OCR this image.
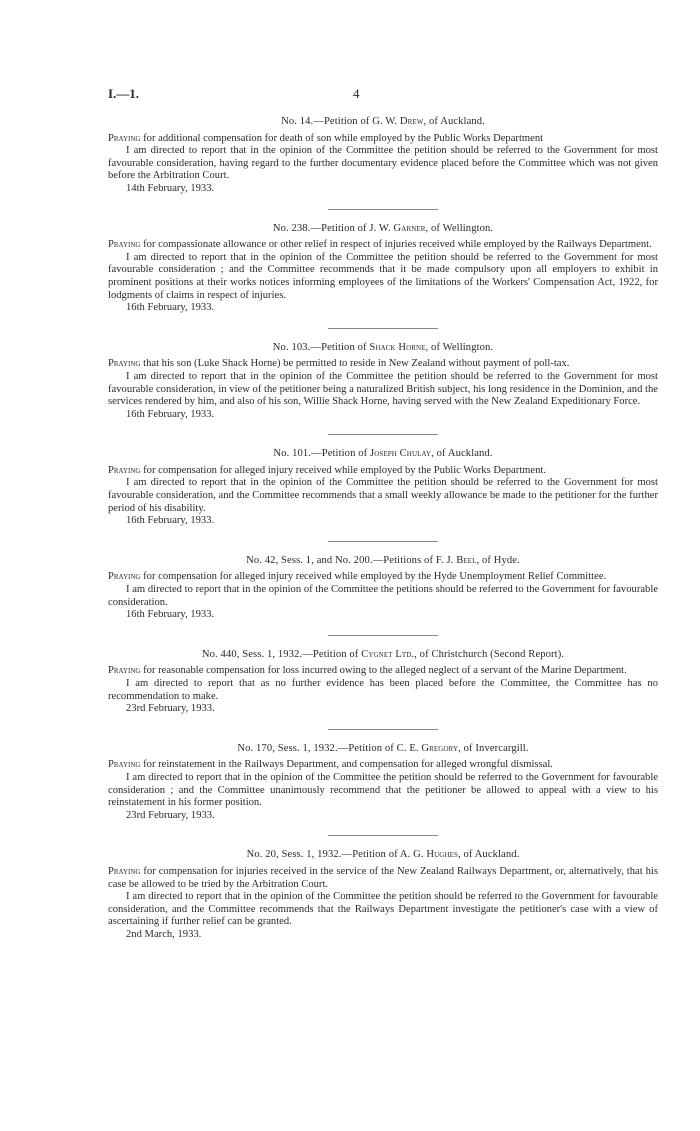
I.—1.	4

No. 14.—Petition of G. W. Drew, of Auckland.

Praying for additional compensation for death of son while employed by the Public Works Department

I am directed to report that in the opinion of the Committee the petition should be referred to the Government for most favourable consideration, having regard to the further documentary evidence placed before the Committee which was not given before the Arbitration Court.

14th February, 1933.

No. 238.—Petition of J. W. Garner, of Wellington.

Praying for compassionate allowance or other relief in respect of injuries received while employed by the Railways Department.

I am directed to report that in the opinion of the Committee the petition should be referred to the Government for most favourable consideration ; and the Committee recommends that it be made compulsory upon all employers to exhibit in prominent positions at their works notices informing employees of the limitations of the Workers' Compensation Act, 1922, for lodgments of claims in respect of injuries.

16th February, 1933.

No. 103.—Petition of Shack Horne, of Wellington.

Praying that his son (Luke Shack Horne) be permitted to reside in New Zealand without payment of poll-tax.

I am directed to report that in the opinion of the Committee the petition should be referred to the Government for most favourable consideration, in view of the petitioner being a naturalized British subject, his long residence in the Dominion, and the services rendered by him, and also of his son, Willie Shack Horne, having served with the New Zealand Expeditionary Force.

16th February, 1933.

No. 101.—Petition of Joseph Chulay, of Auckland.

Praying for compensation for alleged injury received while employed by the Public Works Department.

I am directed to report that in the opinion of the Committee the petition should be referred to the Government for most favourable consideration, and the Committee recommends that a small weekly allowance be made to the petitioner for the further period of his disability.

16th February, 1933.

No. 42, Sess. 1, and No. 200.—Petitions of F. J. Beel, of Hyde.

Praying for compensation for alleged injury received while employed by the Hyde Unemployment Relief Committee.

I am directed to report that in the opinion of the Committee the petitions should be referred to the Government for favourable consideration.

16th February, 1933.

No. 440, Sess. 1, 1932.—Petition of Cygnet Ltd., of Christchurch (Second Report).

Praying for reasonable compensation for loss incurred owing to the alleged neglect of a servant of the Marine Department.

I am directed to report that as no further evidence has been placed before the Committee, the Committee has no recommendation to make.

23rd February, 1933.

No. 170, Sess. 1, 1932.—Petition of C. E. Gregory, of Invercargill.

Praying for reinstatement in the Railways Department, and compensation for alleged wrongful dismissal.

I am directed to report that in the opinion of the Committee the petition should be referred to the Government for favourable consideration ; and the Committee unanimously recommend that the petitioner be allowed to appeal with a view to his reinstatement in his former position.

23rd February, 1933.

No. 20, Sess. 1, 1932.—Petition of A. G. Hughes, of Auckland.

Praying for compensation for injuries received in the service of the New Zealand Railways Department, or, alternatively, that his case be allowed to be tried by the Arbitration Court.

I am directed to report that in the opinion of the Committee the petition should be referred to the Government for favourable consideration, and the Committee recommends that the Railways Department investigate the petitioner's case with a view of ascertaining if further relief can be granted.

2nd March, 1933.
